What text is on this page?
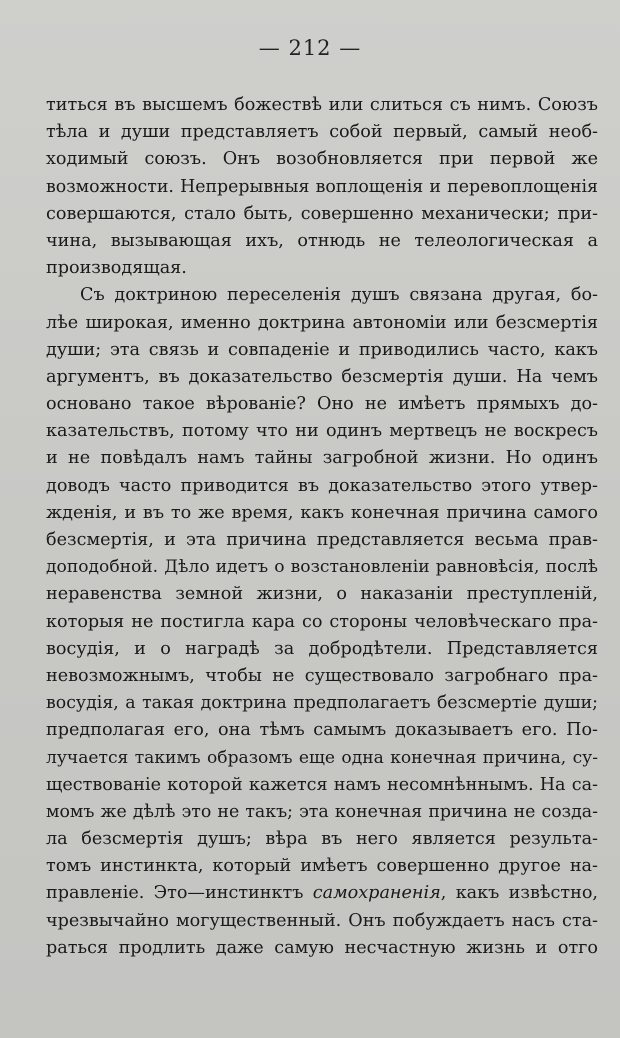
— 212 —
титься въ высшемъ божествѣ или слиться съ нимъ. Союзъ
тѣла и души представляетъ собой первый, самый необ-
ходимый союзъ. Онъ возобновляется при первой же
возможности. Непрерывныя воплощенія и перевоплощенія
совершаются, стало быть, совершенно механически; при-
чина, вызывающая ихъ, отнюдь не телеологическая а
производящая.
Съ доктриною переселенія душъ связана другая, бо-
лѣе широкая, именно доктрина автономіи или безсмертія
души; эта связь и совпаденіе и приводились часто, какъ
аргументъ, въ доказательство безсмертія души. На чемъ
основано такое вѣрованіе? Оно не имѣетъ прямыхъ до-
казательствъ, потому что ни одинъ мертвецъ не воскресъ
и не повѣдалъ намъ тайны загробной жизни. Но одинъ
доводъ часто приводится въ доказательство этого утвер-
жденія, и въ то же время, какъ конечная причина самого
безсмертія, и эта причина представляется весьма прав-
доподобной. Дѣло идетъ о возстановленіи равновѣсія, послѣ
неравенства земной жизни, о наказаніи преступленій,
которыя не постигла кара со стороны человѣческаго пра-
восудія, и о наградѣ за добродѣтели. Представляется
невозможнымъ, чтобы не существовало загробнаго пра-
восудія, а такая доктрина предполагаетъ безсмертіе души;
предполагая его, она тѣмъ самымъ доказываетъ его. По-
лучается такимъ образомъ еще одна конечная причина, су-
ществованіе которой кажется намъ несомнѣннымъ. На са-
момъ же дѣлѣ это не такъ; эта конечная причина не созда-
ла безсмертія душъ; вѣра въ него является результа-
томъ инстинкта, который имѣетъ совершенно другое на-
правленіе. Это—инстинктъ самохраненія, какъ извѣстно,
чрезвычайно могущественный. Онъ побуждаетъ насъ ста-
раться продлить даже самую несчастную жизнь и отго
